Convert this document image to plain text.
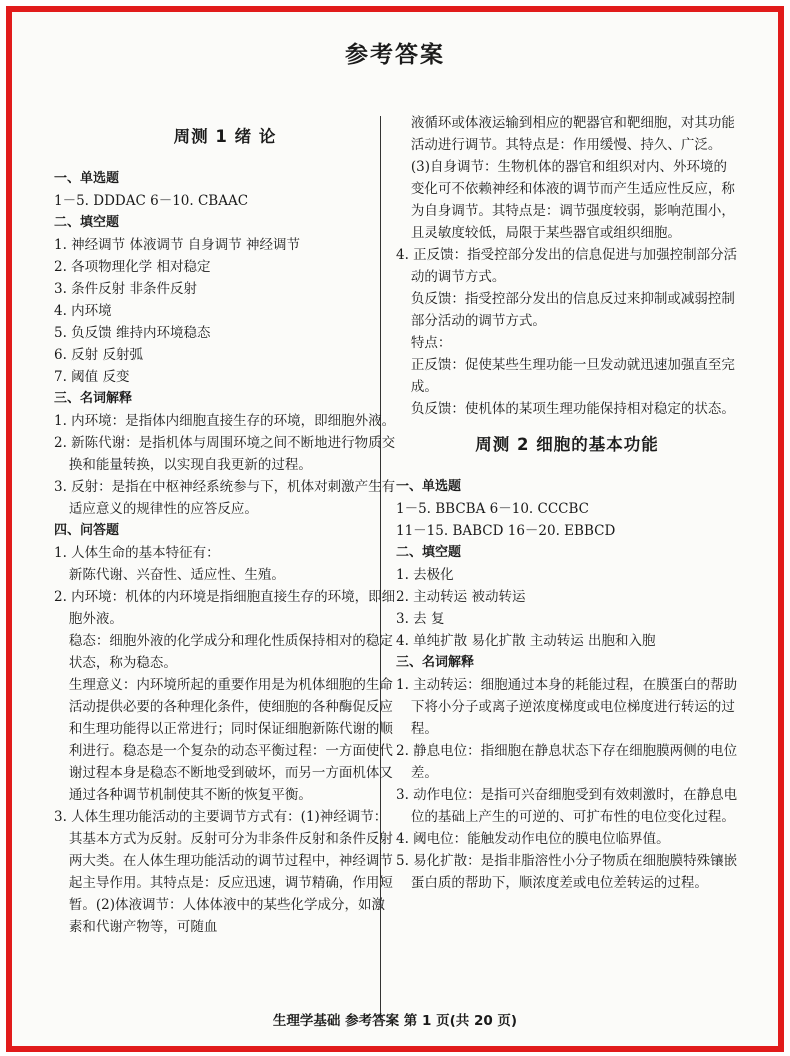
参考答案
周测 1 绪 论

一、单选题

1－5. DDDAC 6－10. CBAAC

二、填空题

1. 神经调节 体液调节 自身调节 神经调节

2. 各项物理化学 相对稳定

3. 条件反射 非条件反射

4. 内环境

5. 负反馈 维持内环境稳态

6. 反射 反射弧

7. 阈值 反变

三、名词解释

1. 内环境：是指体内细胞直接生存的环境，即细胞外液。

2. 新陈代谢：是指机体与周围环境之间不断地进行物质交换和能量转换，以实现自我更新的过程。

3. 反射：是指在中枢神经系统参与下，机体对刺激产生有适应意义的规律性的应答反应。

四、问答题

1. 人体生命的基本特征有：

新陈代谢、兴奋性、适应性、生殖。

2. 内环境：机体的内环境是指细胞直接生存的环境，即细胞外液。

稳态：细胞外液的化学成分和理化性质保持相对的稳定状态，称为稳态。

生理意义：内环境所起的重要作用是为机体细胞的生命活动提供必要的各种理化条件，使细胞的各种酶促反应和生理功能得以正常进行；同时保证细胞新陈代谢的顺利进行。稳态是一个复杂的动态平衡过程：一方面使代谢过程本身是稳态不断地受到破坏，而另一方面机体又通过各种调节机制使其不断的恢复平衡。

3. 人体生理功能活动的主要调节方式有：(1)神经调节：其基本方式为反射。反射可分为非条件反射和条件反射两大类。在人体生理功能活动的调节过程中，神经调节起主导作用。其特点是：反应迅速，调节精确，作用短暂。(2)体液调节：人体体液中的某些化学成分，如激素和代谢产物等，可随血

液循环或体液运输到相应的靶器官和靶细胞，对其功能活动进行调节。其特点是：作用缓慢、持久、广泛。(3)自身调节：生物机体的器官和组织对内、外环境的变化可不依赖神经和体液的调节而产生适应性反应，称为自身调节。其特点是：调节强度较弱，影响范围小，且灵敏度较低，局限于某些器官或组织细胞。

4. 正反馈：指受控部分发出的信息促进与加强控制部分活动的调节方式。

负反馈：指受控部分发出的信息反过来抑制或减弱控制部分活动的调节方式。

特点：

正反馈：促使某些生理功能一旦发动就迅速加强直至完成。

负反馈：使机体的某项生理功能保持相对稳定的状态。

周测 2 细胞的基本功能

一、单选题

1－5. BBCBA 6－10. CCCBC

11－15. BABCD 16－20. EBBCD

二、填空题

1. 去极化

2. 主动转运 被动转运

3. 去 复

4. 单纯扩散 易化扩散 主动转运 出胞和入胞

三、名词解释

1. 主动转运：细胞通过本身的耗能过程，在膜蛋白的帮助下将小分子或离子逆浓度梯度或电位梯度进行转运的过程。

2. 静息电位：指细胞在静息状态下存在细胞膜两侧的电位差。

3. 动作电位：是指可兴奋细胞受到有效刺激时，在静息电位的基础上产生的可逆的、可扩布性的电位变化过程。

4. 阈电位：能触发动作电位的膜电位临界值。

5. 易化扩散：是指非脂溶性小分子物质在细胞膜特殊镶嵌蛋白质的帮助下，顺浓度差或电位差转运的过程。

生理学基础 参考答案 第 1 页(共 20 页)
